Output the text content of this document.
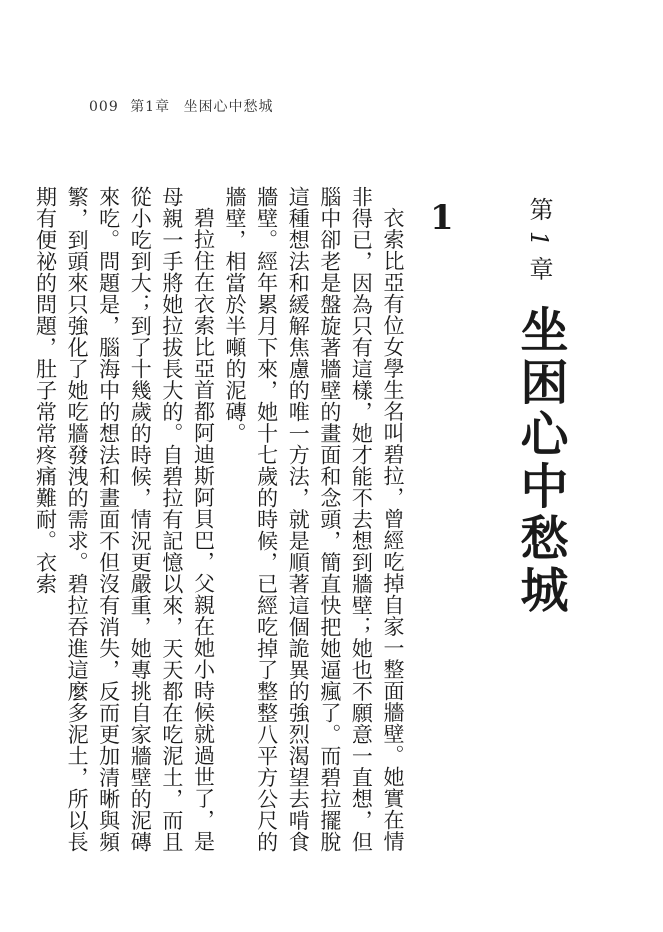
009 第1章 坐困心中愁城
第1章
坐困心中愁城
1

衣索比亞有位女學生名叫碧拉，曾經吃掉自家一整面牆壁。她實在情非得已，因為只有這樣，她才能不去想到牆壁；她也不願意一直想，但腦中卻老是盤旋著牆壁的畫面和念頭，簡直快把她逼瘋了。而碧拉擺脫這種想法和緩解焦慮的唯一方法，就是順著這個詭異的強烈渴望去啃食牆壁。經年累月下來，她十七歲的時候，已經吃掉了整整八平方公尺的牆壁，相當於半噸的泥磚。

碧拉住在衣索比亞首都阿迪斯阿貝巴，父親在她小時候就過世了，是母親一手將她拉拔長大的。自碧拉有記憶以來，天天都在吃泥土，而且從小吃到大；到了十幾歲的時候，情況更嚴重，她專挑自家牆壁的泥磚來吃。問題是，腦海中的想法和畫面不但沒有消失，反而更加清晰與頻繁，到頭來只強化了她吃牆發洩的需求。碧拉吞進這麼多泥土，所以長期有便祕的問題，肚子常常疼痛難耐。衣索
